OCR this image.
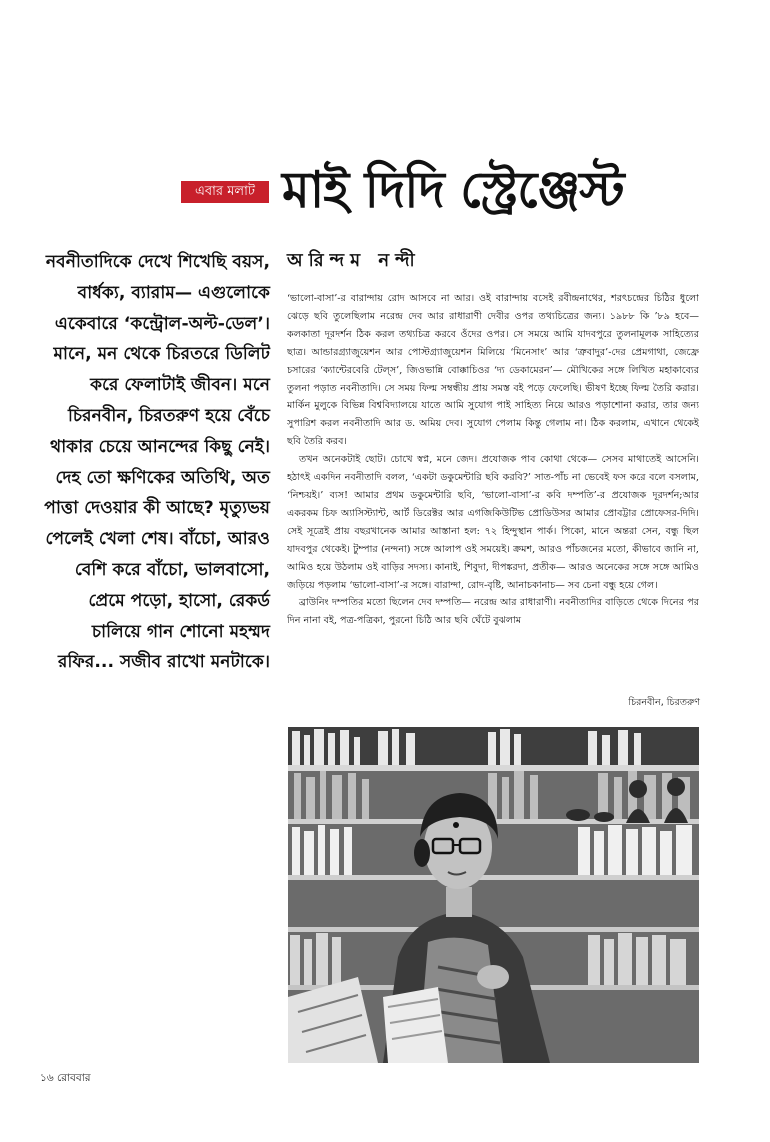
এবার মলাট মাই দিদি স্ট্রেঞ্জেস্ট

নবনীতাদিকে দেখে শিখেছি বয়স, বার্ধক্য, ব্যারাম— এগুলোকে একেবারে ‘কন্ট্রোল-অল্ট-ডেল’। মানে, মন থেকে চিরতরে ডিলিট করে ফেলাটাই জীবন। মনে চিরনবীন, চিরতরুণ হয়ে বেঁচে থাকার চেয়ে আনন্দের কিছু নেই। দেহ তো ক্ষণিকের অতিথি, অত পাত্তা দেওয়ার কী আছে? মৃত্যুভয় পেলেই খেলা শেষ। বাঁচো, আরও বেশি করে বাঁচো, ভালবাসো, প্রেমে পড়ো, হাসো, রেকর্ড চালিয়ে গান শোনো মহম্মদ রফির... সজীব রাখো মনটাকে।

অরিন্দম নন্দী

‘ভালো-বাসা’-র বারান্দায় রোদ আসবে না আর। ওই বারান্দায় বসেই রবীন্দ্রনাথের, শরৎচন্দ্রের চিঠির ধুলো ঝেড়ে ছবি তুলেছিলাম নরেন্দ্র দেব আর রাধারাণী দেবীর ওপর তথ্যচিত্রের জন্য। ১৯৮৮ কি ’৮৯ হবে— কলকাতা দূরদর্শন ঠিক করল তথ্যচিত্র করবে ওঁদের ওপর। সে সময়ে আমি যাদবপুরে তুলনামূলক সাহিত্যের ছাত্র। আন্ডারগ্র্যাজুয়েশন আর পোস্টগ্র্যাজুয়েশন মিলিয়ে ‘মিনেসাং’ আর ‘ত্রুবাদুর’-দের প্রেমগাথা, জেফ্রে চসারের ‘ক্যান্টেরবেরি টেল্‌স’, জিওভান্নি বোক্কাচিওর ‘দ্য ডেকামেরন’— মৌখিকের সঙ্গে লিখিত মহাকাব্যের তুলনা পড়াত নবনীতাদি। সে সময় ফিল্ম সম্বন্ধীয় প্রায় সমস্ত বই পড়ে ফেলেছি। ভীষণ ইচ্ছে ফিল্ম তৈরি করার। মার্কিন মুলুকে বিভিন্ন বিশ্ববিদ্যালয়ে যাতে আমি সুযোগ পাই সাহিত্য নিয়ে আরও পড়াশোনা করার, তার জন্য সুপারিশ করল নবনীতাদি আর ড. অমিয় দেব। সুযোগ পেলাম কিন্তু গেলাম না। ঠিক করলাম, এখানে থেকেই ছবি তৈরি করব।

তখন অনেকটাই ছোট। চোখে স্বপ্ন, মনে জেদ। প্রযোজক পাব কোথা থেকে— সেসব মাথাতেই আসেনি। হঠাৎই একদিন নবনীতাদি বলল, ‘একটা ডকুমেন্টারি ছবি করবি?’ সাত-পাঁচ না ভেবেই ফস করে বলে বসলাম, ‘নিশ্চয়ই।’ ব্যস! আমার প্রথম ডকুমেন্টারি ছবি, ‘ভালো-বাসা’-র কবি দম্পতি’-র প্রযোজক দূরদর্শন;আর একরকম চিফ অ্যাসিস্ট্যান্ট, আর্ট ডিরেক্টর আর এগজিকিউটিভ প্রোডিউসর আমার প্রোবট্টার প্রোফেসর-দিদি। সেই সূত্রেই প্রায় বছরখানেক আমার আস্তানা হল: ৭২ হিন্দুস্থান পার্ক। পিকো, মানে অন্তরা সেন, বন্ধু ছিল যাদবপুর থেকেই। টুম্পার (নন্দনা) সঙ্গে আলাপ ওই সময়েই। ক্রমশ, আরও পাঁচজনের মতো, কীভাবে জানি না, আমিও হয়ে উঠলাম ওই বাড়ির সদস্য। কানাই, শিবুদা, দীপঙ্করদা, প্রতীক— আরও অনেকের সঙ্গে সঙ্গে আমিও জড়িয়ে পড়লাম ‘ভালো-বাসা’-র সঙ্গে। বারান্দা, রোদ-বৃষ্টি, আনাচকানাচ— সব চেনা বন্ধু হয়ে গেল।

ব্রাউনিং দম্পতির মতো ছিলেন দেব দম্পতি— নরেন্দ্র আর রাধারাণী। নবনীতাদির বাড়িতে থেকে দিনের পর দিন নানা বই, পত্র-পত্রিকা, পুরনো চিঠি আর ছবি ঘেঁটে বুঝলাম

চিরনবীন, চিরতরুণ
১৬ রোববার
